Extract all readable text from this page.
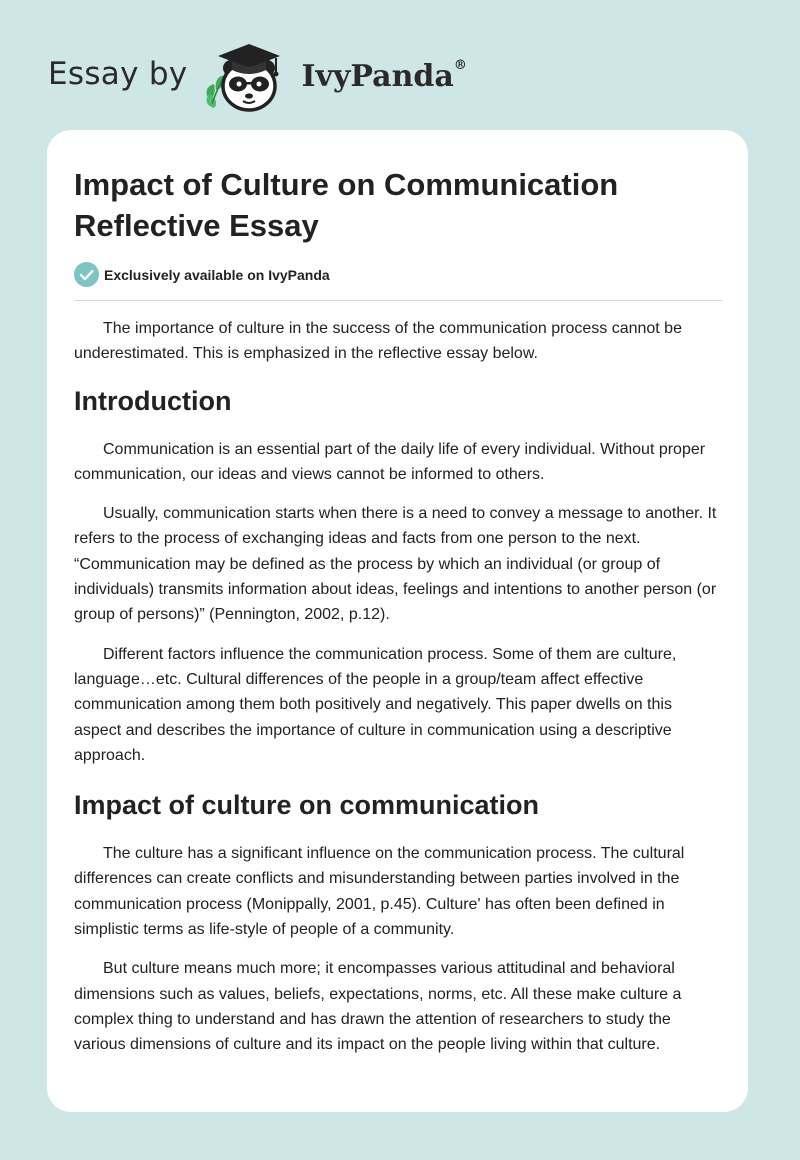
Essay by	IvyPanda®
Impact of Culture on Communication Reflective Essay
Exclusively available on IvyPanda

The importance of culture in the success of the communication process cannot be underestimated. This is emphasized in the reflective essay below.

Introduction

Communication is an essential part of the daily life of every individual. Without proper communication, our ideas and views cannot be informed to others.

Usually, communication starts when there is a need to convey a message to another. It refers to the process of exchanging ideas and facts from one person to the next. “Communication may be defined as the process by which an individual (or group of individuals) transmits information about ideas, feelings and intentions to another person (or group of persons)” (Pennington, 2002, p.12).

Different factors influence the communication process. Some of them are culture, language…etc. Cultural differences of the people in a group/team affect effective communication among them both positively and negatively. This paper dwells on this aspect and describes the importance of culture in communication using a descriptive approach.

Impact of culture on communication

The culture has a significant influence on the communication process. The cultural differences can create conflicts and misunderstanding between parties involved in the communication process (Monippally, 2001, p.45). Culture' has often been defined in simplistic terms as life-style of people of a community.

But culture means much more; it encompasses various attitudinal and behavioral dimensions such as values, beliefs, expectations, norms, etc. All these make culture a complex thing to understand and has drawn the attention of researchers to study the various dimensions of culture and its impact on the people living within that culture.
